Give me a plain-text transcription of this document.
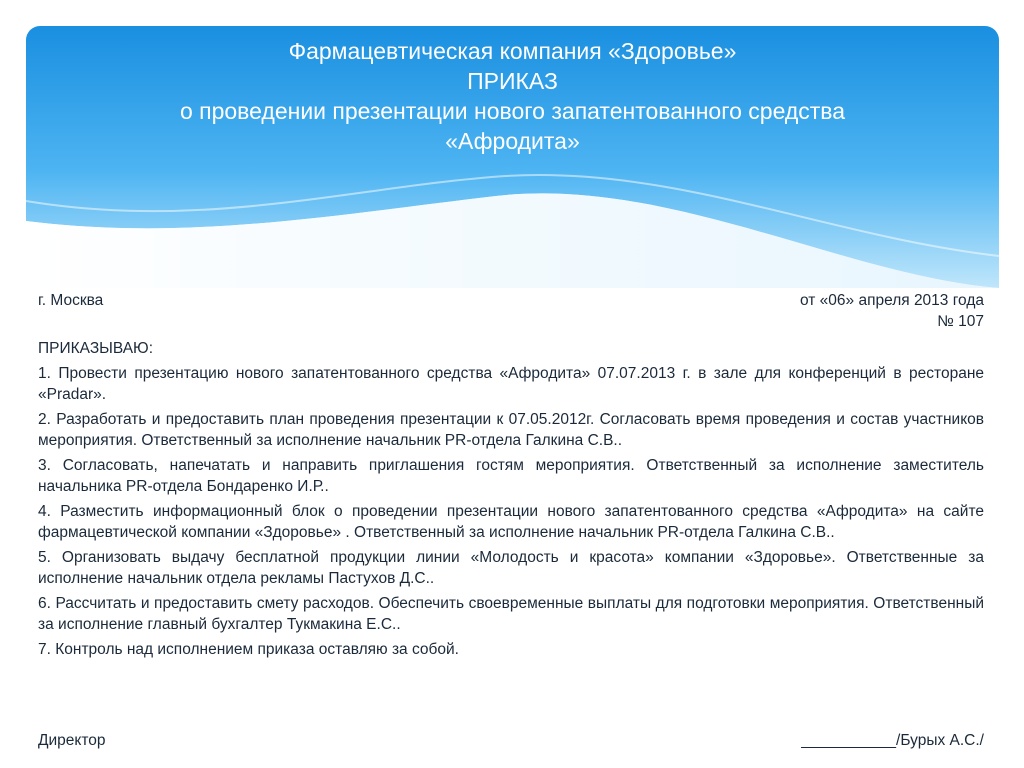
Фармацевтическая компания «Здоровье»
ПРИКАЗ
о проведении презентации нового запатентованного средства
«Афродита»
г. Москва	от «06» апреля 2013 года
№ 107
ПРИКАЗЫВАЮ:
1. Провести презентацию нового запатентованного средства «Афродита» 07.07.2013 г. в зале для конференций в ресторане «Pradar».
2. Разработать и предоставить план проведения презентации к 07.05.2012г. Согласовать время проведения и состав участников мероприятия. Ответственный за исполнение начальник PR-отдела Галкина С.В..
3. Согласовать, напечатать и направить приглашения гостям мероприятия. Ответственный за исполнение заместитель начальника PR-отдела Бондаренко И.Р..
4. Разместить информационный блок о проведении презентации нового запатентованного средства «Афродита» на сайте фармацевтической компании «Здоровье» . Ответственный за исполнение начальник PR-отдела Галкина С.В..
5. Организовать выдачу бесплатной продукции линии «Молодость и красота» компании «Здоровье». Ответственные за исполнение начальник отдела рекламы Пастухов Д.С..
6. Рассчитать и предоставить смету расходов. Обеспечить своевременные выплаты для подготовки мероприятия. Ответственный за исполнение главный бухгалтер Тукмакина Е.С..
7. Контроль над исполнением приказа оставляю за собой.
Директор	___________/Бурых А.С./
